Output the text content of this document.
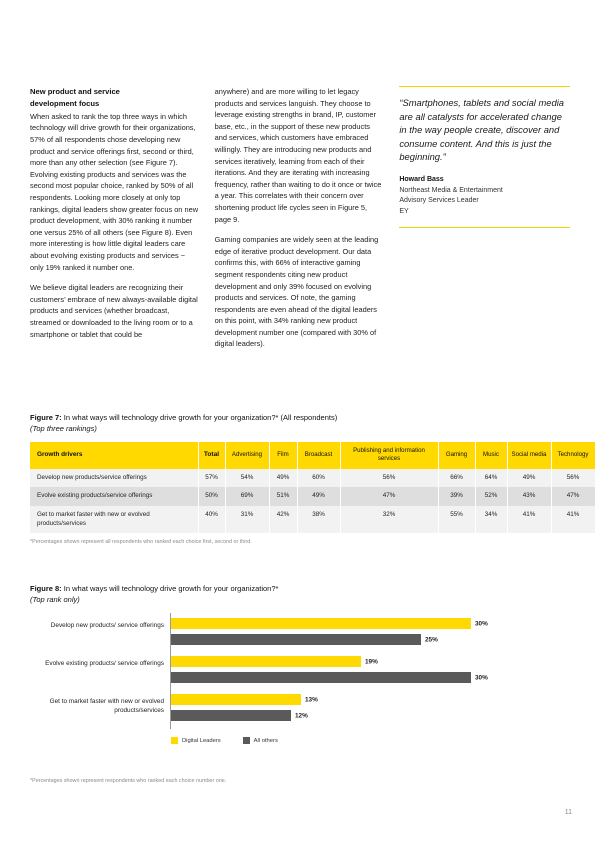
New product and service
development focus

When asked to rank the top three ways in which technology will drive growth for their organizations, 57% of all respondents chose developing new product and service offerings first, second or third, more than any other selection (see Figure 7). Evolving existing products and services was the second most popular choice, ranked by 50% of all respondents. Looking more closely at only top rankings, digital leaders show greater focus on new product development, with 30% ranking it number one versus 25% of all others (see Figure 8). Even more interesting is how little digital leaders care about evolving existing products and services − only 19% ranked it number one.

We believe digital leaders are recognizing their customers’ embrace of new always-available digital products and services (whether broadcast, streamed or downloaded to the living room or to a smartphone or tablet that could be

anywhere) and are more willing to let legacy products and services languish. They choose to leverage existing strengths in brand, IP, customer base, etc., in the support of these new products and services, which customers have embraced willingly. They are introducing new products and services iteratively, learning from each of their iterations. And they are iterating with increasing frequency, rather than waiting to do it once or twice a year. This correlates with their concern over shortening product life cycles seen in Figure 5, page 9.

Gaming companies are widely seen at the leading edge of iterative product development. Our data confirms this, with 66% of interactive gaming segment respondents citing new product development and only 39% focused on evolving products and services. Of note, the gaming respondents are even ahead of the digital leaders on this point, with 34% ranking new product development number one (compared with 30% of digital leaders).

“Smartphones, tablets and social media are all catalysts for accelerated change in the way people create, discover and consume content. And this is just the beginning.”
Howard Bass
Northeast Media & Entertainment
Advisory Services Leader
EY
Figure 7: In what ways will technology drive growth for your organization?* (All respondents)
(Top three rankings)
Growth drivers	Total	Advertising	Film	Broadcast	Publishing and information services	Gaming	Music	Social media	Technology
Develop new products/service offerings	57%	54%	49%	60%	56%	66%	64%	49%	56%
Evolve existing products/service offerings	50%	69%	51%	49%	47%	39%	52%	43%	47%
Get to market faster with new or evolved products/services	40%	31%	42%	38%	32%	55%	34%	41%	41%
*Percentages shown represent all respondents who ranked each choice first, second or third.
Figure 8: In what ways will technology drive growth for your organization?*
(Top rank only)
Develop new products/ service offerings	30%
25%
Evolve existing products/ service offerings	19%
30%
Get to market faster with new or evolved products/services
13%
12%
Digital Leaders	All others
*Percentages shown represent respondents who ranked each choice number one.
11
